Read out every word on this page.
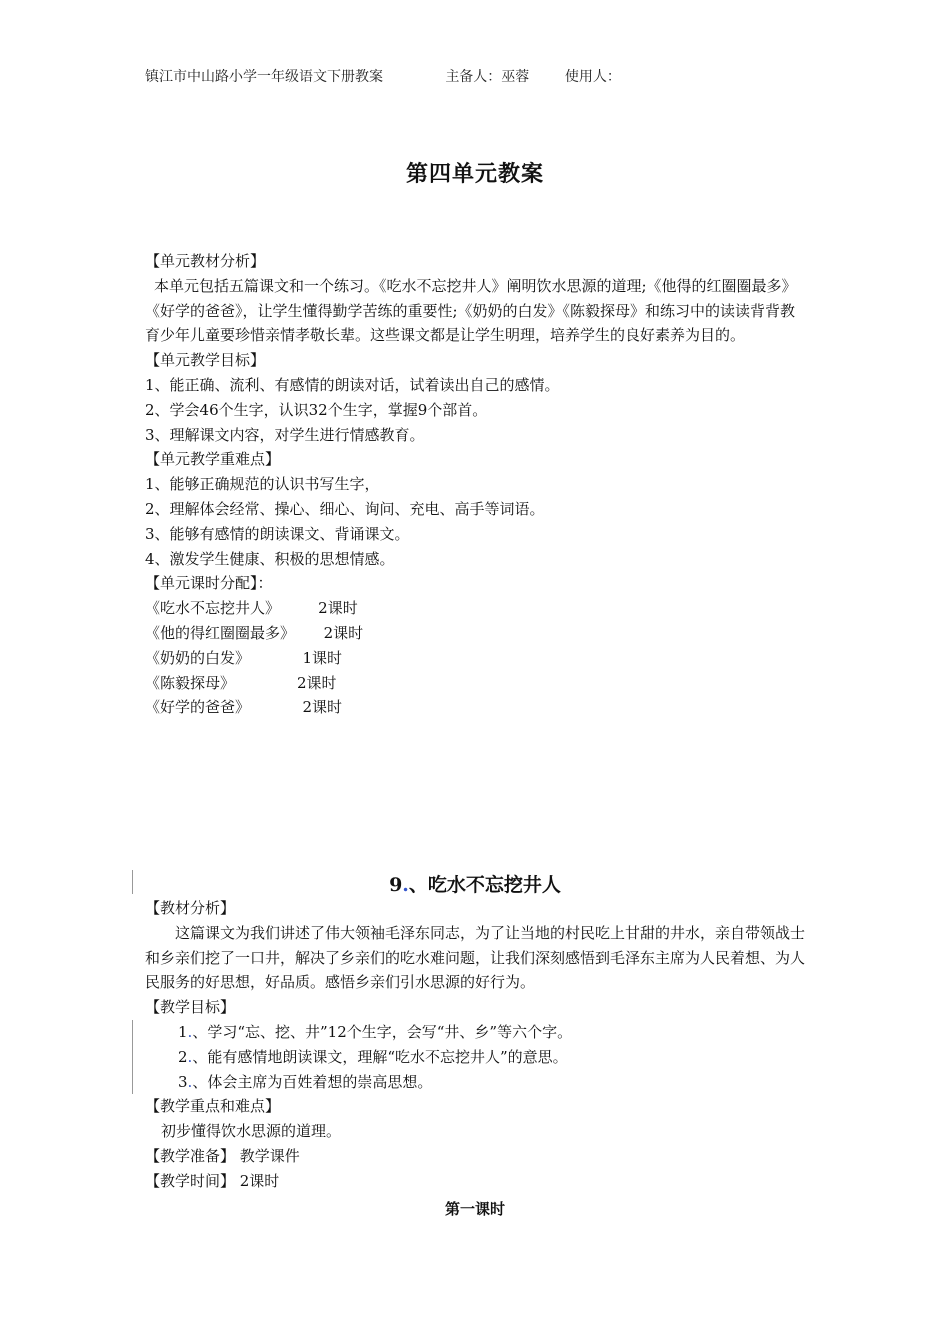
镇江市中山路小学一年级语文下册教案	主备人：巫蓉	使用人：
第四单元教案

【单元教材分析】

本单元包括五篇课文和一个练习。《吃水不忘挖井人》阐明饮水思源的道理;《他得的红圈圈最多》《好学的爸爸》，让学生懂得勤学苦练的重要性;《奶奶的白发》《陈毅探母》和练习中的读读背背教育少年儿童要珍惜亲情孝敬长辈。这些课文都是让学生明理，培养学生的良好素养为目的。

【单元教学目标】

1、能正确、流利、有感情的朗读对话，试着读出自己的感情。

2、学会46个生字，认识32个生字，掌握9个部首。

3、理解课文内容，对学生进行情感教育。

【单元教学重难点】

1、能够正确规范的认识书写生字，

2、理解体会经常、操心、细心、询问、充电、高手等词语。

3、能够有感情的朗读课文、背诵课文。

4、激发学生健康、积极的思想情感。

【单元课时分配】：

《吃水不忘挖井人》	2课时

《他的得红圈圈最多》 2课时

《奶奶的白发》	1课时

《陈毅探母》	2课时

《好学的爸爸》	2课时

9.、吃水不忘挖井人

【教材分析】

这篇课文为我们讲述了伟大领袖毛泽东同志，为了让当地的村民吃上甘甜的井水，亲自带领战士和乡亲们挖了一口井，解决了乡亲们的吃水难问题，让我们深刻感悟到毛泽东主席为人民着想、为人民服务的好思想，好品质。感悟乡亲们引水思源的好行为。

【教学目标】

1.、学习“忘、挖、井”12个生字，会写“井、乡”等六个字。

2.、能有感情地朗读课文，理解“吃水不忘挖井人”的意思。

3.、体会主席为百姓着想的崇高思想。

【教学重点和难点】

初步懂得饮水思源的道理。

【教学准备】 教学课件

【教学时间】 2课时

第一课时
